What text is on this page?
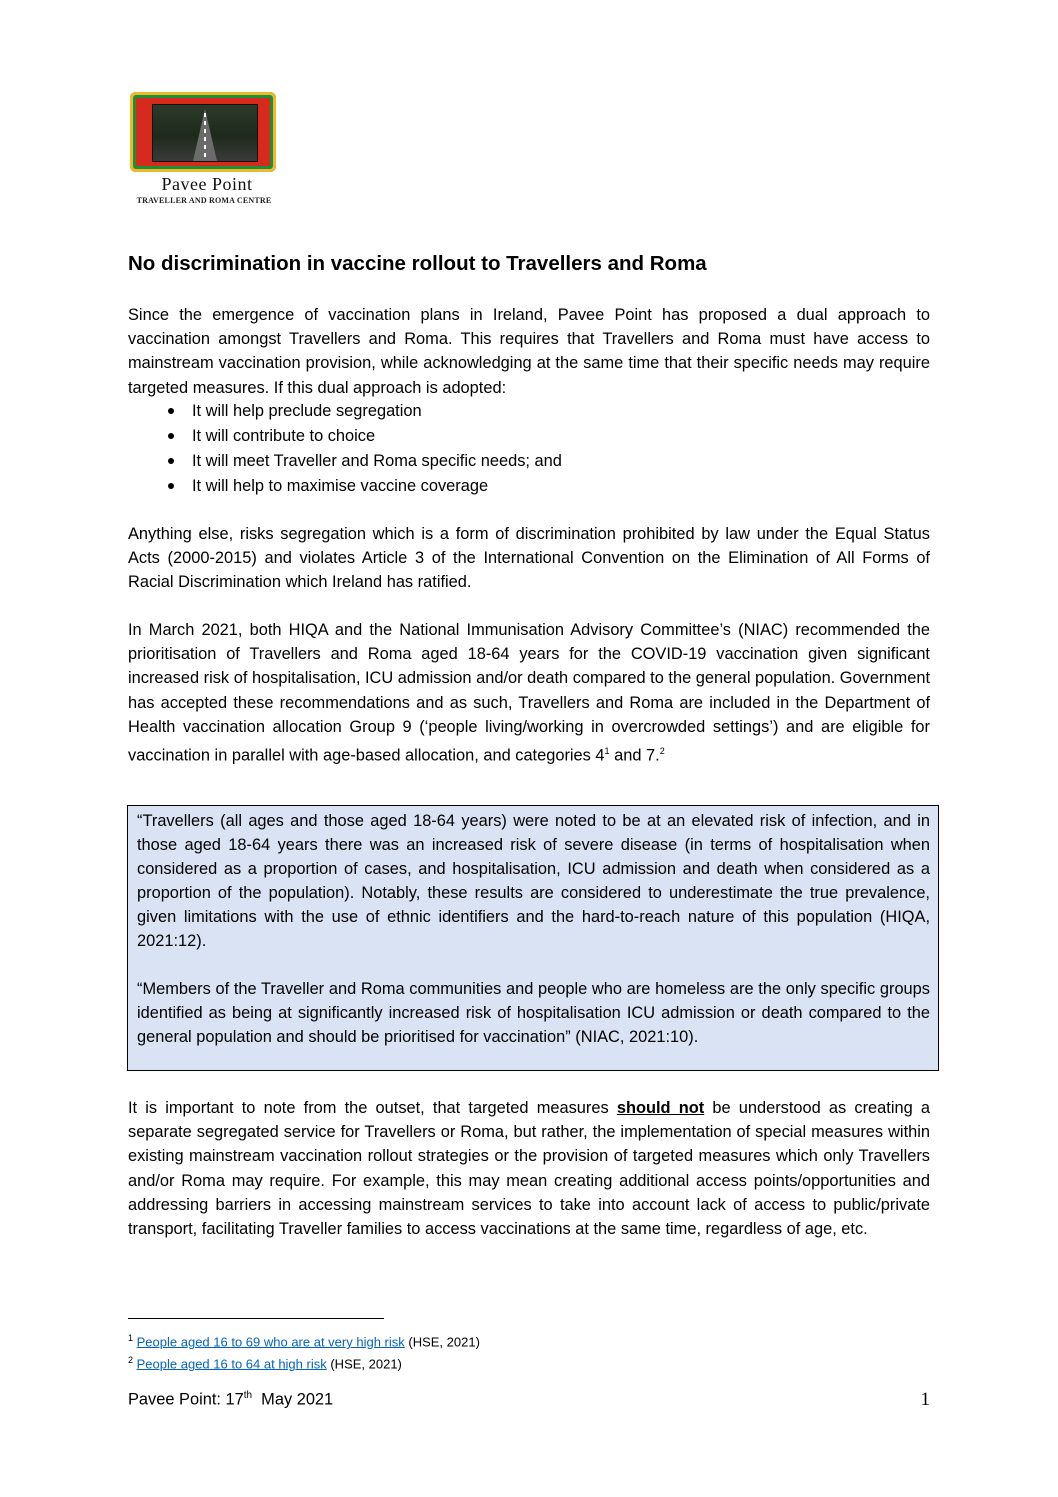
Pavee Point
TRAVELLER AND ROMA CENTRE
No discrimination in vaccine rollout to Travellers and Roma

Since the emergence of vaccination plans in Ireland, Pavee Point has proposed a dual approach to vaccination amongst Travellers and Roma. This requires that Travellers and Roma must have access to mainstream vaccination provision, while acknowledging at the same time that their specific needs may require targeted measures. If this dual approach is adopted:

It will help preclude segregation
It will contribute to choice
It will meet Traveller and Roma specific needs; and
It will help to maximise vaccine coverage

Anything else, risks segregation which is a form of discrimination prohibited by law under the Equal Status Acts (2000-2015) and violates Article 3 of the International Convention on the Elimination of All Forms of Racial Discrimination which Ireland has ratified.

In March 2021, both HIQA and the National Immunisation Advisory Committee’s (NIAC) recommended the prioritisation of Travellers and Roma aged 18-64 years for the COVID-19 vaccination given significant increased risk of hospitalisation, ICU admission and/or death compared to the general population. Government has accepted these recommendations and as such, Travellers and Roma are included in the Department of Health vaccination allocation Group 9 (‘people living/working in overcrowded settings’) and are eligible for vaccination in parallel with age-based allocation, and categories $4^1$ and 7.$^2$

“Travellers (all ages and those aged 18-64 years) were noted to be at an elevated risk of infection, and in those aged 18-64 years there was an increased risk of severe disease (in terms of hospitalisation when considered as a proportion of cases, and hospitalisation, ICU admission and death when considered as a proportion of the population). Notably, these results are considered to underestimate the true prevalence, given limitations with the use of ethnic identifiers and the hard-to-reach nature of this population (HIQA, 2021:12).

“Members of the Traveller and Roma communities and people who are homeless are the only specific groups identified as being at significantly increased risk of hospitalisation ICU admission or death compared to the general population and should be prioritised for vaccination” (NIAC, 2021:10).

It is important to note from the outset, that targeted measures should not be understood as creating a separate segregated service for Travellers or Roma, but rather, the implementation of special measures within existing mainstream vaccination rollout strategies or the provision of targeted measures which only Travellers and/or Roma may require. For example, this may mean creating additional access points/opportunities and addressing barriers in accessing mainstream services to take into account lack of access to public/private transport, facilitating Traveller families to access vaccinations at the same time, regardless of age, etc.

$^1$ People aged 16 to 69 who are at very high risk (HSE, 2021)
$^2$ People aged 16 to 64 at high risk (HSE, 2021)
Pavee Point: 17th  May 2021	1
